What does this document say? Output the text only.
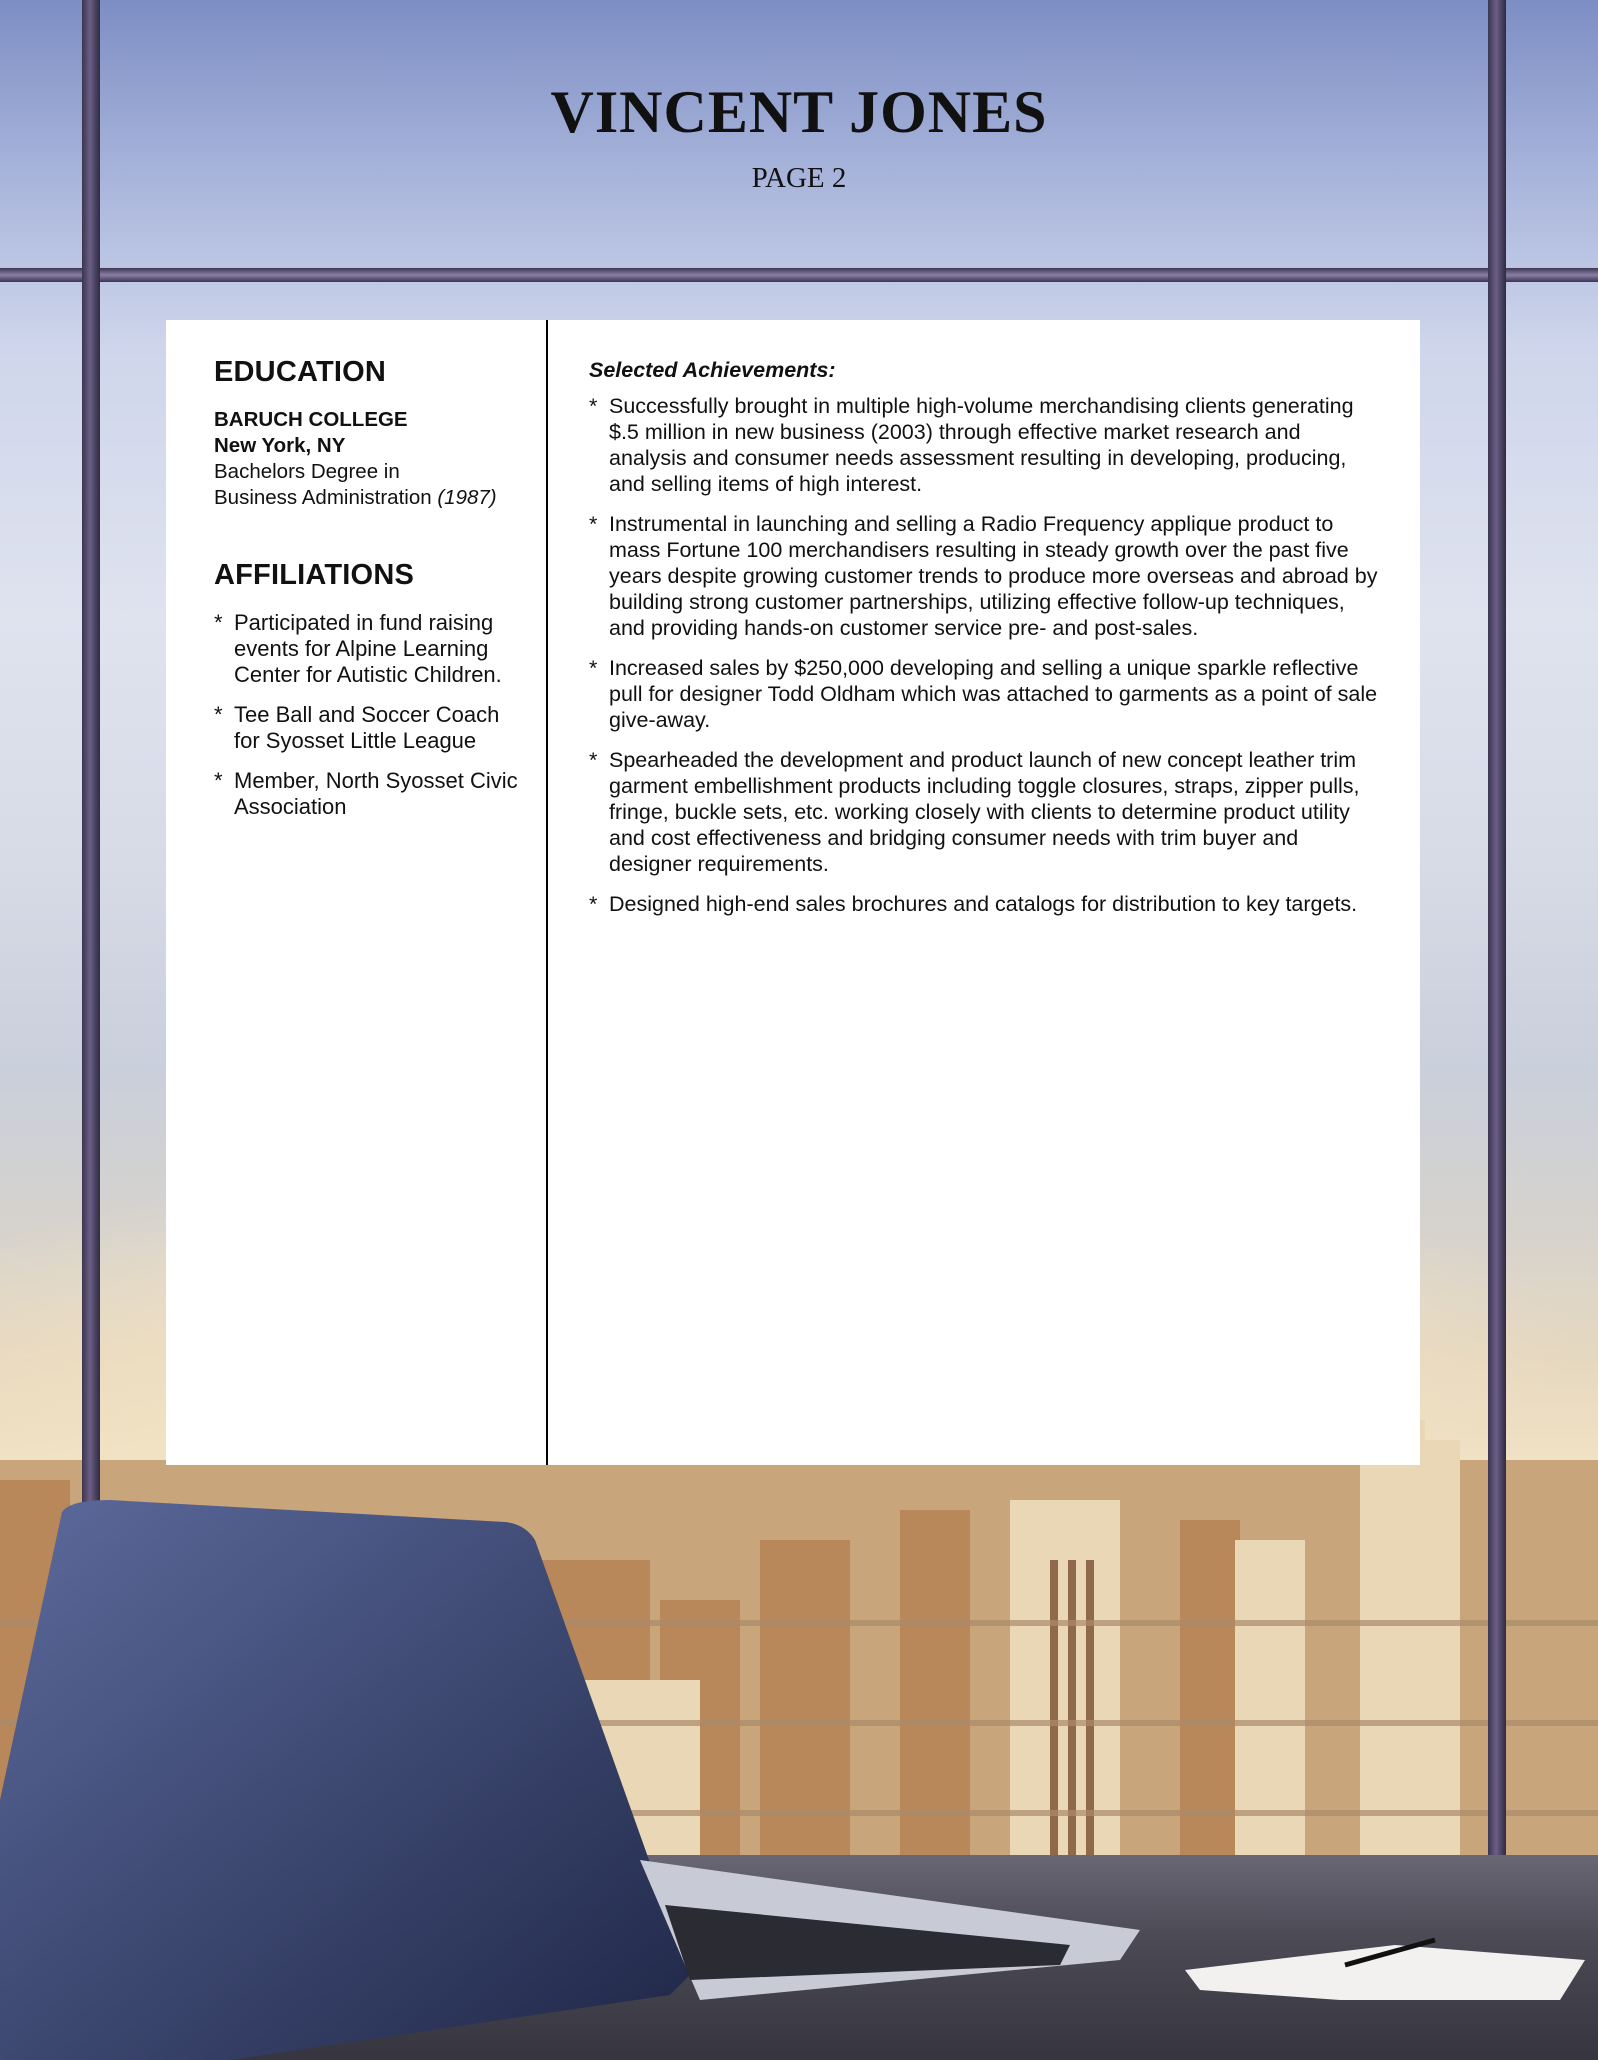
VINCENT JONES
PAGE 2
EDUCATION
BARUCH COLLEGE
New York, NY
Bachelors Degree in
Business Administration (1987)
AFFILIATIONS
* Participated in fund raising events for Alpine Learning Center for Autistic Children.
* Tee Ball and Soccer Coach for Syosset Little League
* Member, North Syosset Civic Association
Selected Achievements:
* Successfully brought in multiple high-volume merchandising clients generating $.5 million in new business (2003) through effective market research and analysis and consumer needs assessment resulting in developing, producing, and selling items of high interest.
* Instrumental in launching and selling a Radio Frequency applique product to mass Fortune 100 merchandisers resulting in steady growth over the past five years despite growing customer trends to produce more overseas and abroad by building strong customer partnerships, utilizing effective follow-up techniques, and providing hands-on customer service pre- and post-sales.
* Increased sales by $250,000 developing and selling a unique sparkle reflective pull for designer Todd Oldham which was attached to garments as a point of sale give-away.
* Spearheaded the development and product launch of new concept leather trim garment embellishment products including toggle closures, straps, zipper pulls, fringe, buckle sets, etc. working closely with clients to determine product utility and cost effectiveness and bridging consumer needs with trim buyer and designer requirements.
* Designed high-end sales brochures and catalogs for distribution to key targets.
